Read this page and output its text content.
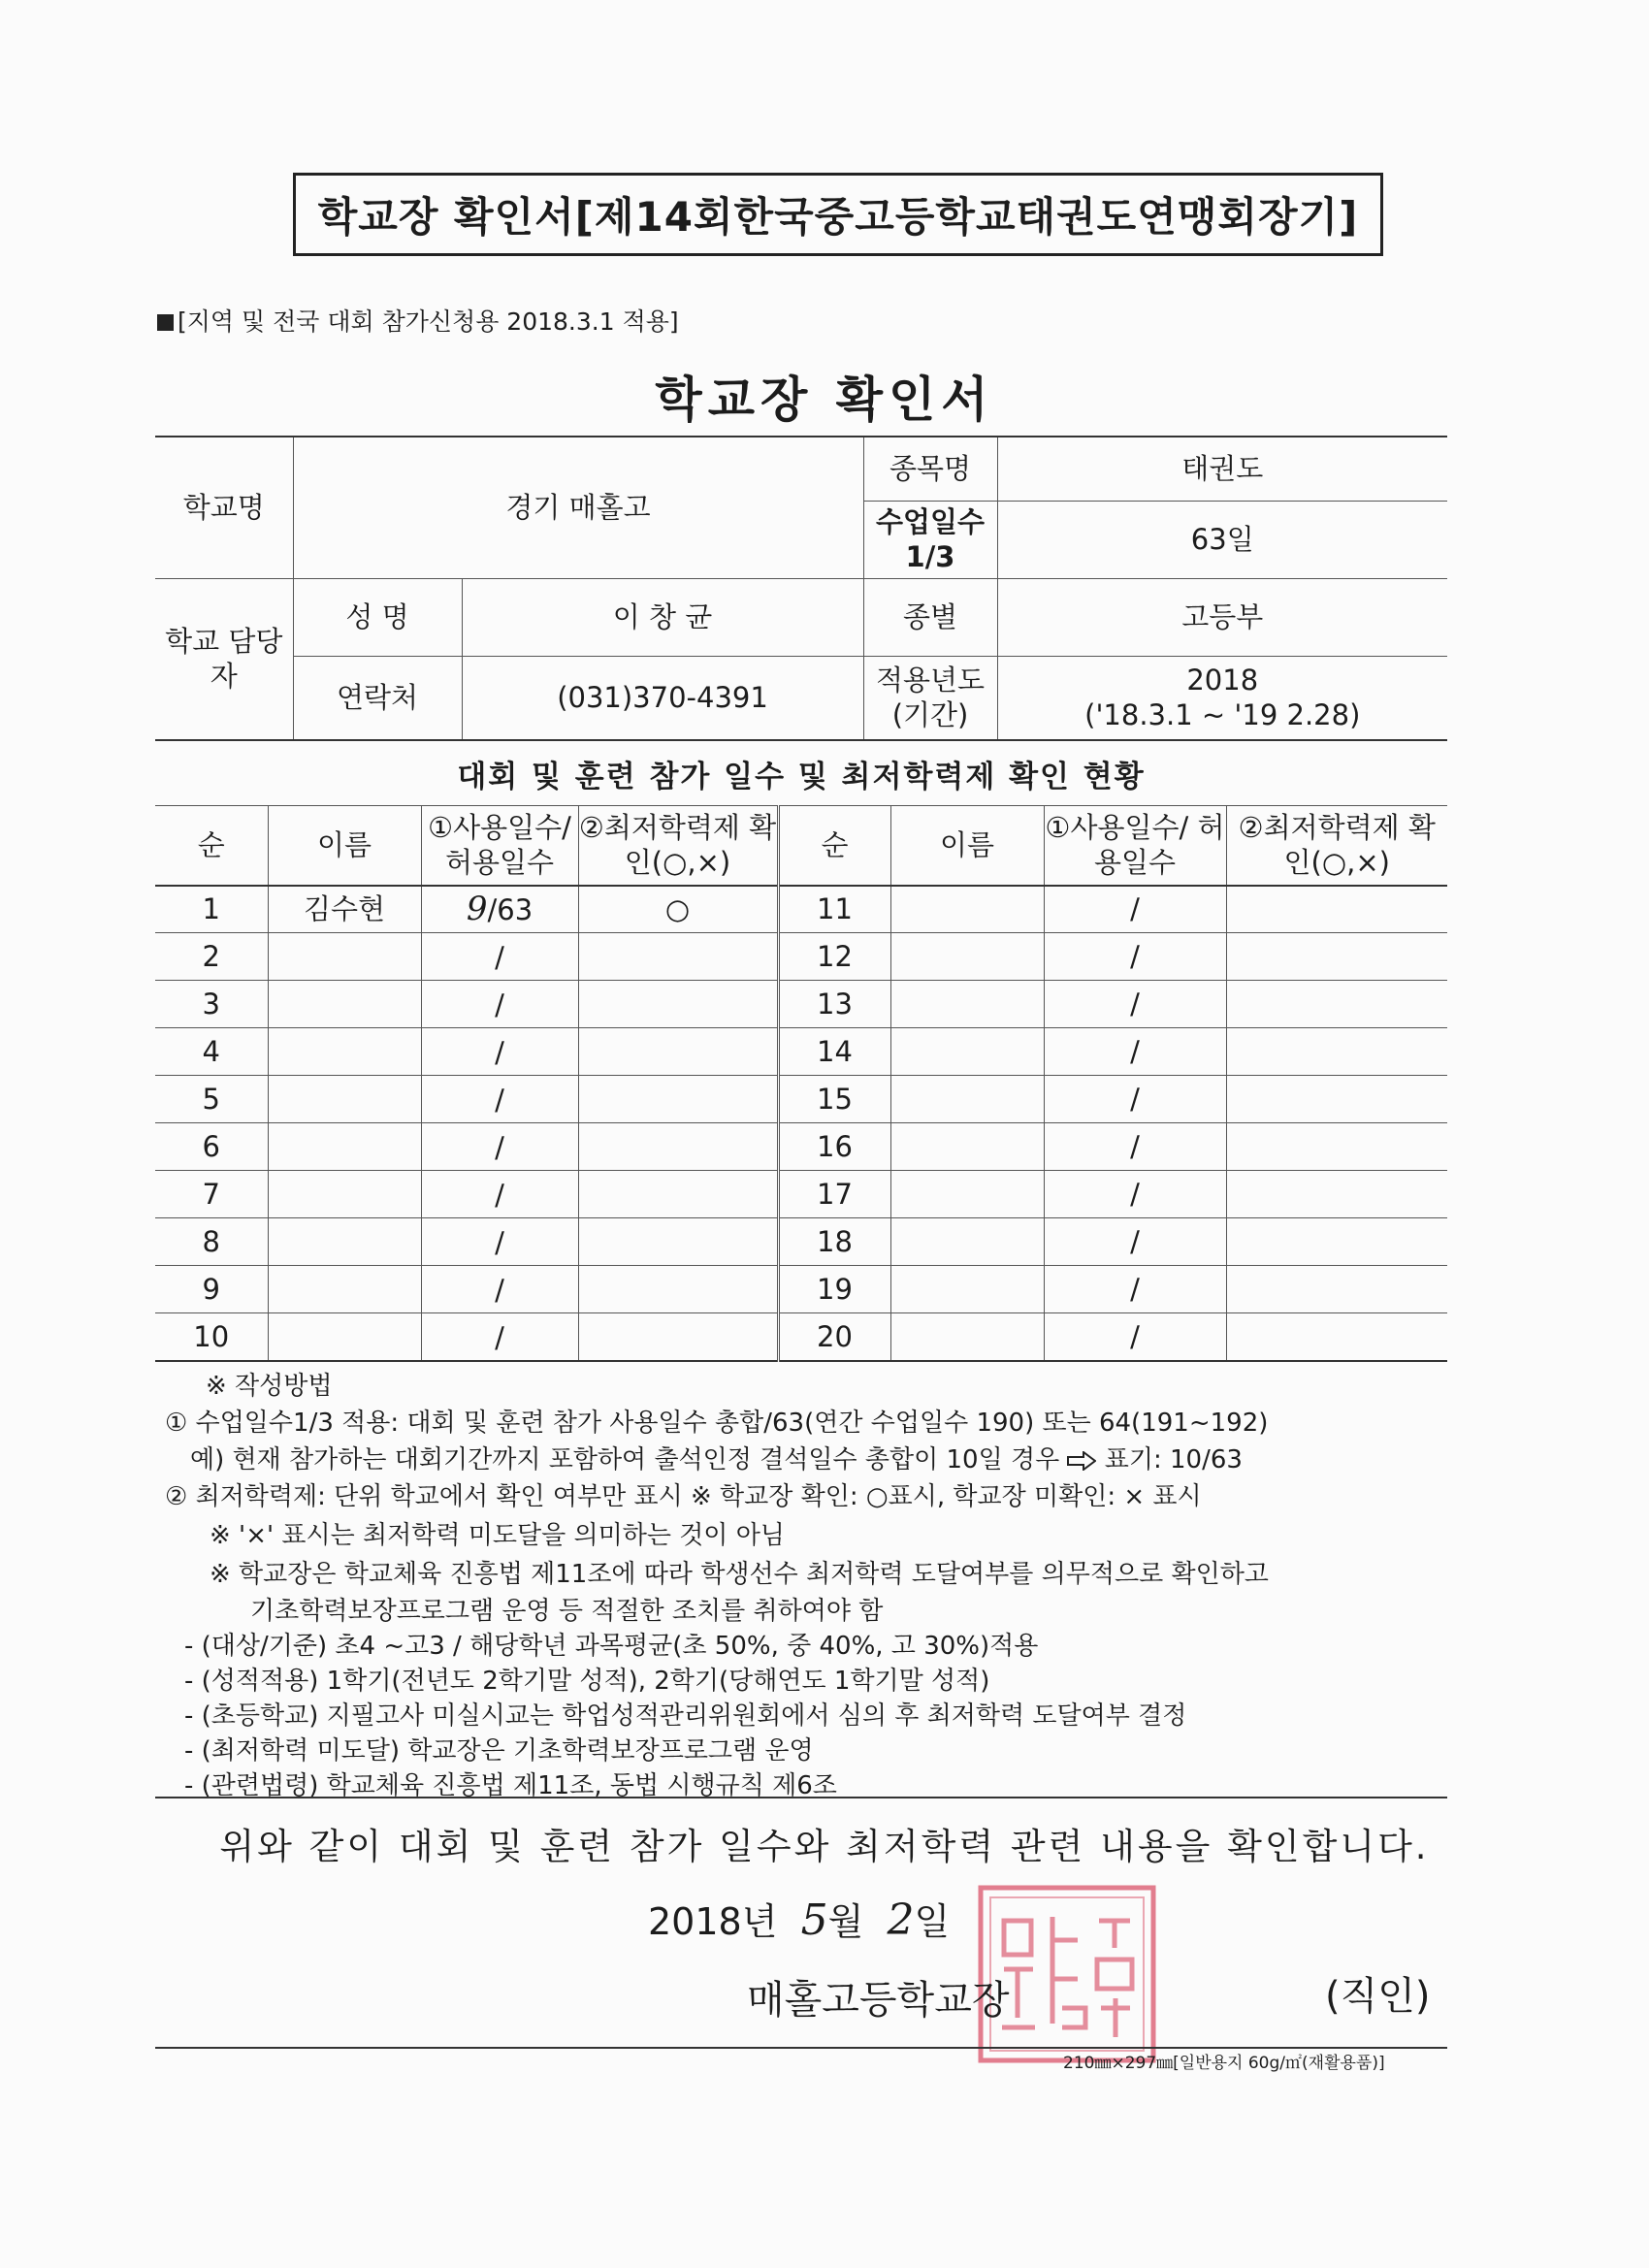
학교장 확인서[제14회한국중고등학교태권도연맹회장기]
[지역 및 전국 대회 참가신청용 2018.3.1 적용]
학교장 확인서
학교명	경기 매홀고		종목명	태권도
			수업일수 1/3	63일
학교 담당자	성 명	이 창 균	종별	고등부
	연락처	(031)370-4391	적용년도 (기간)	2018
('18.3.1 ~ '19 2.28)
대회 및 훈련 참가 일수 및 최저학력제 확인 현황
순	이름	①사용일수/ 허용일수	②최저학력제 확인(○,×)	순	이름	①사용일수/ 허용일수	②최저학력제 확인(○,×)
1	김수현	9/63	○	11		/	
2		/		12		/	
3		/		13		/	
4		/		14		/	
5		/		15		/	
6		/		16		/	
7		/		17		/	
8		/		18		/	
9		/		19		/	
10		/		20		/	
※ 작성방법
① 수업일수1/3 적용: 대회 및 훈련 참가 사용일수 총합/63(연간 수업일수 190) 또는 64(191~192)
예) 현재 참가하는 대회기간까지 포함하여 출석인정 결석일수 총합이 10일 경우 표기: 10/63
② 최저학력제: 단위 학교에서 확인 여부만 표시 ※ 학교장 확인: ○표시, 학교장 미확인: × 표시
※ '×' 표시는 최저학력 미도달을 의미하는 것이 아님
※ 학교장은 학교체육 진흥법 제11조에 따라 학생선수 최저학력 도달여부를 의무적으로 확인하고
기초학력보장프로그램 운영 등 적절한 조치를 취하여야 함
- (대상/기준) 초4 ~고3 / 해당학년 과목평균(초 50%, 중 40%, 고 30%)적용
- (성적적용) 1학기(전년도 2학기말 성적), 2학기(당해연도 1학기말 성적)
- (초등학교) 지필고사 미실시교는 학업성적관리위원회에서 심의 후 최저학력 도달여부 결정
- (최저학력 미도달) 학교장은 기초학력보장프로그램 운영
- (관련법령) 학교체육 진흥법 제11조, 동법 시행규칙 제6조
위와 같이 대회 및 훈련 참가 일수와 최저학력 관련 내용을 확인합니다.
2018년 5월 2일
매홀고등학교장	(직인)
210㎜×297㎜[일반용지 60g/㎡(재활용품)]
